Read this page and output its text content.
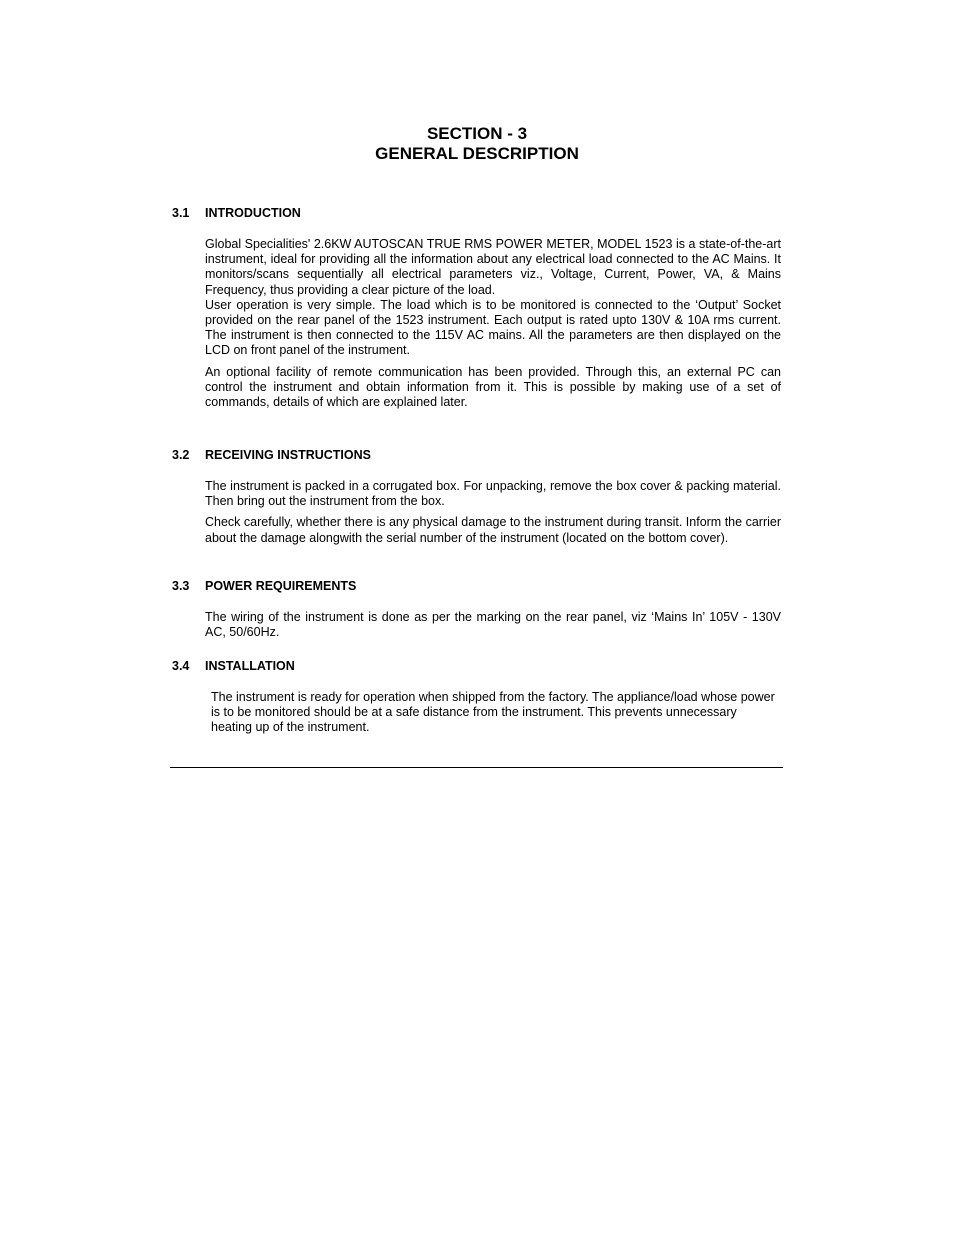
SECTION - 3
GENERAL DESCRIPTION
3.1 INTRODUCTION

Global Specialities' 2.6KW AUTOSCAN TRUE RMS POWER METER, MODEL 1523 is a state-of-the-art instrument, ideal for providing all the information about any electrical load connected to the AC Mains. It monitors/scans sequentially all electrical parameters viz., Voltage, Current, Power, VA, & Mains Frequency, thus providing a clear picture of the load.

User operation is very simple. The load which is to be monitored is connected to the ‘Output’ Socket provided on the rear panel of the 1523 instrument. Each output is rated upto 130V & 10A rms current. The instrument is then connected to the 115V AC mains. All the parameters are then displayed on the LCD on front panel of the instrument.

An optional facility of remote communication has been provided. Through this, an external PC can control the instrument and obtain information from it. This is possible by making use of a set of commands, details of which are explained later.

3.2 RECEIVING INSTRUCTIONS

The instrument is packed in a corrugated box. For unpacking, remove the box cover & packing material. Then bring out the instrument from the box.

Check carefully, whether there is any physical damage to the instrument during transit. Inform the carrier about the damage alongwith the serial number of the instrument (located on the bottom cover).

3.3 POWER REQUIREMENTS

The wiring of the instrument is done as per the marking on the rear panel, viz ‘Mains In’ 105V - 130V AC, 50/60Hz.

3.4 INSTALLATION

The instrument is ready for operation when shipped from the factory. The appliance/load whose power is to be monitored should be at a safe distance from the instrument. This prevents unnecessary heating up of the instrument.
